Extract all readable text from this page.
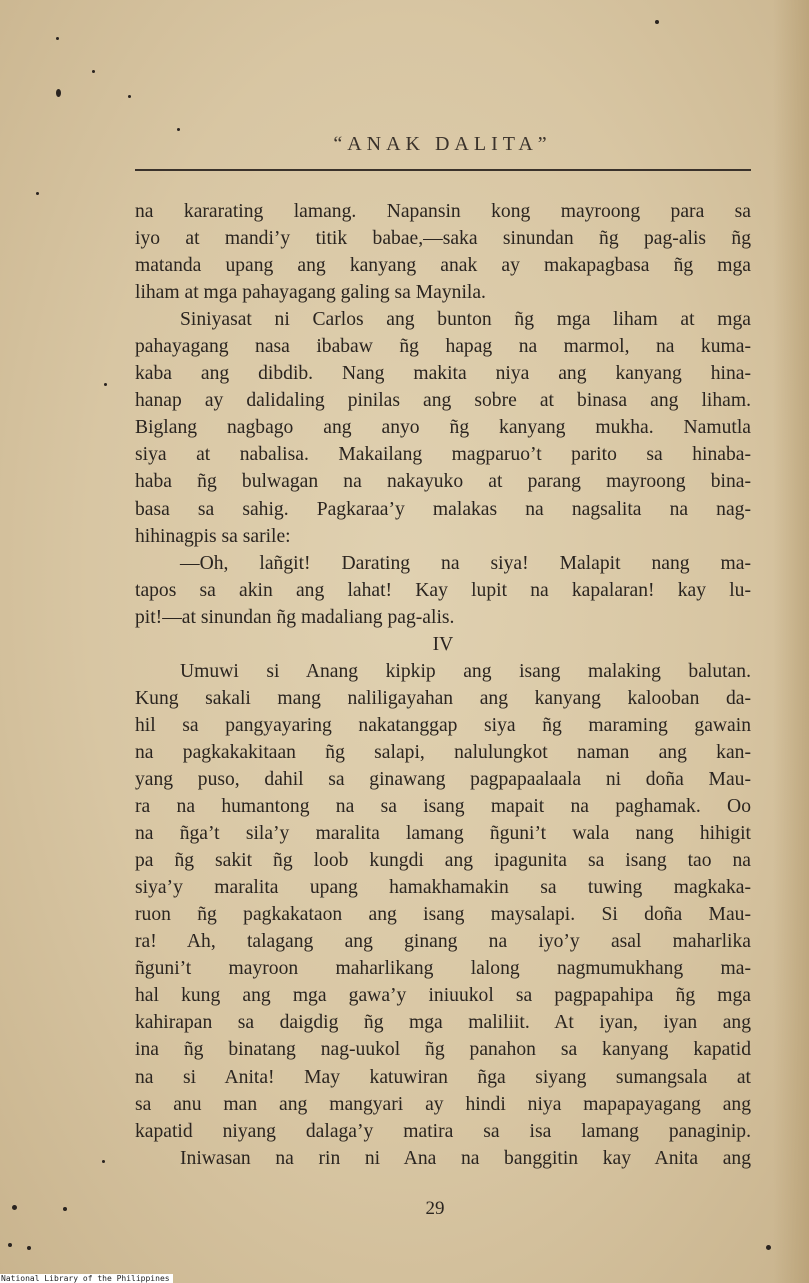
“ANAK DALITA”
na kararating lamang. Napansin kong mayroong para sa
iyo at mandi’y titik babae,—saka sinundan ñg pag-alis ñg
matanda upang ang kanyang anak ay makapagbasa ñg mga
liham at mga pahayagang galing sa Maynila.
Siniyasat ni Carlos ang bunton ñg mga liham at mga
pahayagang nasa ibabaw ñg hapag na marmol, na kuma-
kaba ang dibdib. Nang makita niya ang kanyang hina-
hanap ay dalidaling pinilas ang sobre at binasa ang liham.
Biglang nagbago ang anyo ñg kanyang mukha. Namutla
siya at nabalisa. Makailang magparuo’t parito sa hinaba-
haba ñg bulwagan na nakayuko at parang mayroong bina-
basa sa sahig. Pagkaraa’y malakas na nagsalita na nag-
hihinagpis sa sarile:
—Oh, lañgit! Darating na siya! Malapit nang ma-
tapos sa akin ang lahat! Kay lupit na kapalaran! kay lu-
pit!—at sinundan ñg madaliang pag-alis.
IV
Umuwi si Anang kipkip ang isang malaking balutan.
Kung sakali mang naliligayahan ang kanyang kalooban da-
hil sa pangyayaring nakatanggap siya ñg maraming gawain
na pagkakakitaan ñg salapi, nalulungkot naman ang kan-
yang puso, dahil sa ginawang pagpapaalaala ni doña Mau-
ra na humantong na sa isang mapait na paghamak. Oo
na ñga’t sila’y maralita lamang ñguni’t wala nang hihigit
pa ñg sakit ñg loob kungdi ang ipagunita sa isang tao na
siya’y maralita upang hamakhamakin sa tuwing magkaka-
ruon ñg pagkakataon ang isang maysalapi. Si doña Mau-
ra! Ah, talagang ang ginang na iyo’y asal maharlika
ñguni’t mayroon maharlikang lalong nagmumukhang ma-
hal kung ang mga gawa’y iniuukol sa pagpapahipa ñg mga
kahirapan sa daigdig ñg mga maliliit. At iyan, iyan ang
ina ñg binatang nag-uukol ñg panahon sa kanyang kapatid
na si Anita! May katuwiran ñga siyang sumangsala at
sa anu man ang mangyari ay hindi niya mapapayagang ang
kapatid niyang dalaga’y matira sa isa lamang panaginip.
Iniwasan na rin ni Ana na banggitin kay Anita ang
29
National Library of the Philippines
